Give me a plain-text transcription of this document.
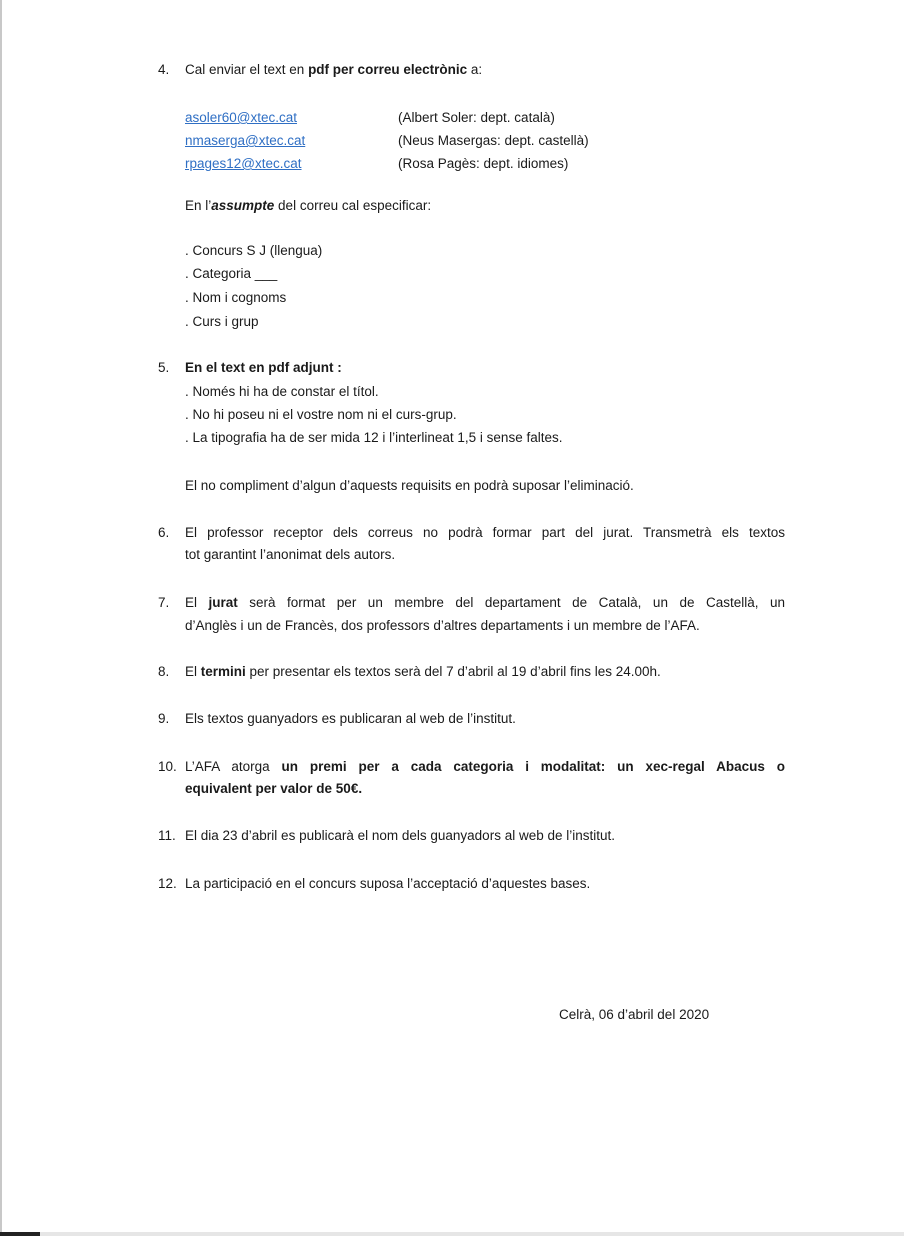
4. Cal enviar el text en pdf per correu electrònic a:
asoler60@xtec.cat	(Albert Soler: dept. català)
nmaserga@xtec.cat	(Neus Masergas: dept. castellà)
rpages12@xtec.cat	(Rosa Pagès: dept. idiomes)
En l’assumpte del correu cal especificar:
. Concurs S J (llengua)
. Categoria ___
. Nom i cognoms
. Curs i grup
5. En el text en pdf adjunt :
. Només hi ha de constar el títol.
. No hi poseu ni el vostre nom ni el curs-grup.
. La tipografia ha de ser mida 12 i l’interlineat 1,5 i sense faltes.
El no compliment d’algun d’aquests requisits en podrà suposar l’eliminació.
6. El professor receptor dels correus no podrà formar part del jurat. Transmetrà els textos
tot garantint l’anonimat dels autors.
7. El jurat serà format per un membre del departament de Català, un de Castellà, un
d’Anglès i un de Francès, dos professors d’altres departaments i un membre de l’AFA.
8. El termini per presentar els textos serà del 7 d’abril al 19 d’abril fins les 24.00h.
9. Els textos guanyadors es publicaran al web de l’institut.
10. L’AFA atorga un premi per a cada categoria i modalitat: un xec-regal Abacus o
equivalent per valor de 50€.
11. El dia 23 d’abril es publicarà el nom dels guanyadors al web de l’institut.
12. La participació en el concurs suposa l’acceptació d’aquestes bases.
Celrà, 06 d’abril del 2020
